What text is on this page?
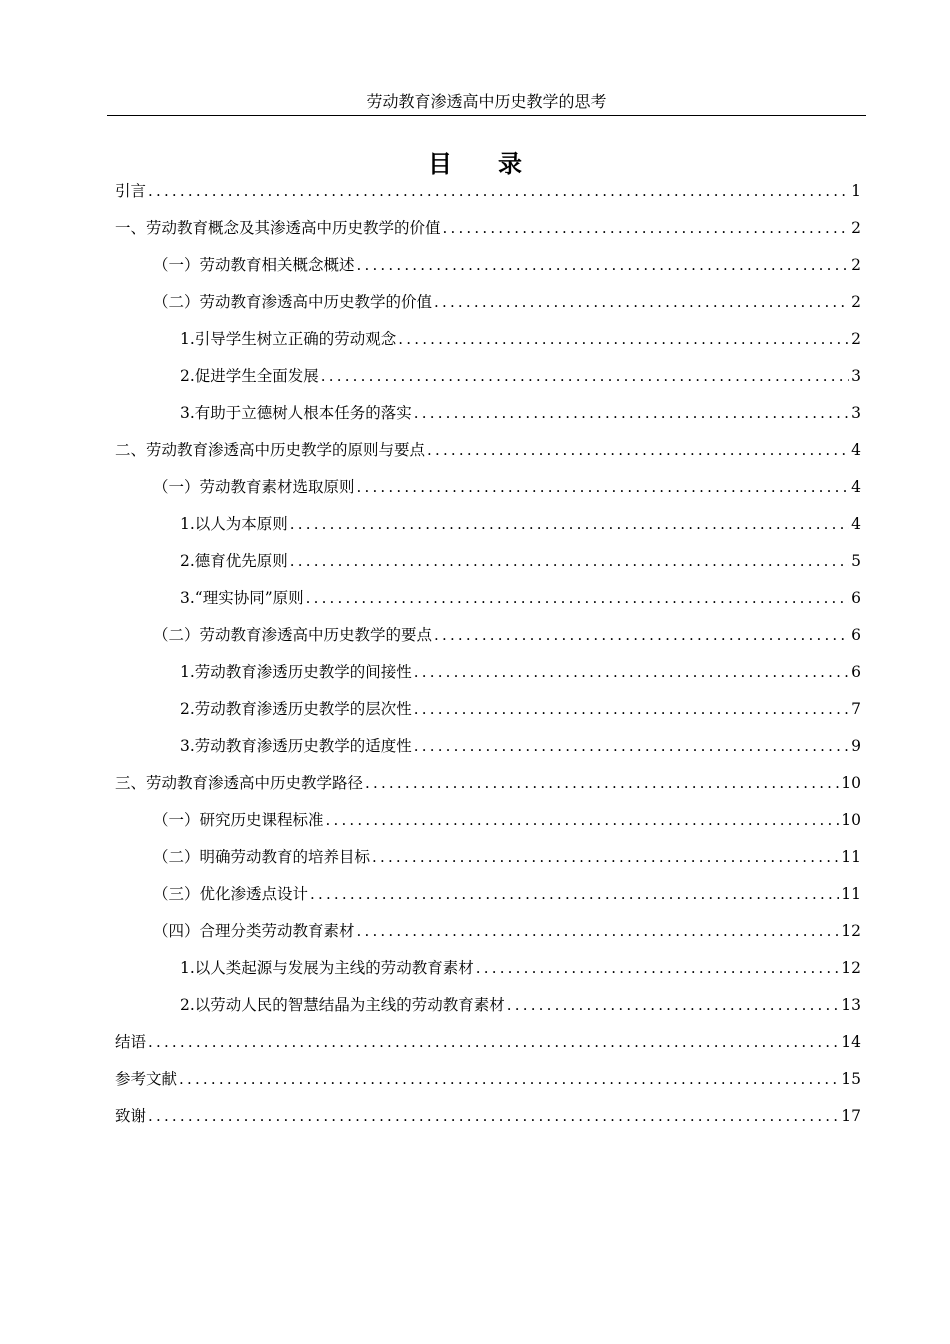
劳动教育渗透高中历史教学的思考
目录
引言 .....	1
一、劳动教育概念及其渗透高中历史教学的价值 .....	2
（一）劳动教育相关概念概述 .....	2
（二）劳动教育渗透高中历史教学的价值 .....	2
1.引导学生树立正确的劳动观念 .....	2
2.促进学生全面发展 .....	3
3.有助于立德树人根本任务的落实 .....	3
二、劳动教育渗透高中历史教学的原则与要点 .....	4
（一）劳动教育素材选取原则 .....	4
1.以人为本原则 .....	4
2.德育优先原则 .....	5
3.“理实协同”原则 .....	6
（二）劳动教育渗透高中历史教学的要点 .....	6
1.劳动教育渗透历史教学的间接性 .....	6
2.劳动教育渗透历史教学的层次性 .....	7
3.劳动教育渗透历史教学的适度性 .....	9
三、劳动教育渗透高中历史教学路径 .....	10
（一）研究历史课程标准 .....	10
（二）明确劳动教育的培养目标 .....	11
（三）优化渗透点设计 .....	11
（四）合理分类劳动教育素材 .....	12
1.以人类起源与发展为主线的劳动教育素材 .....	12
2.以劳动人民的智慧结晶为主线的劳动教育素材 .....	13
结语 .....	14
参考文献 .....	15
致谢 .....	17
